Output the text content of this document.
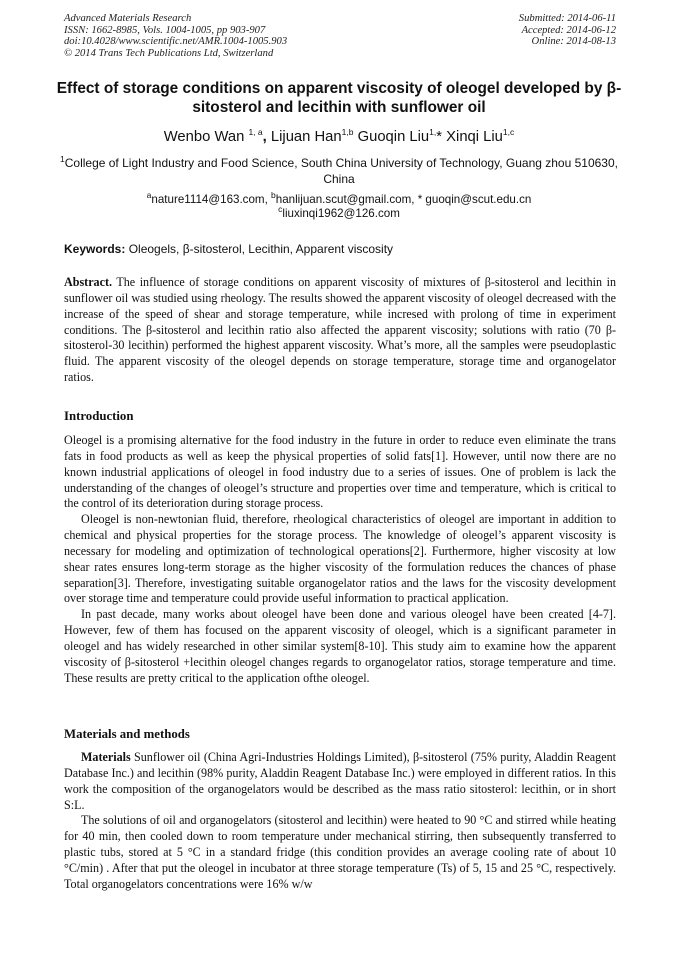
Advanced Materials Research
ISSN: 1662-8985, Vols. 1004-1005, pp 903-907
doi:10.4028/www.scientific.net/AMR.1004-1005.903
© 2014 Trans Tech Publications Ltd, Switzerland
Submitted: 2014-06-11
Accepted: 2014-06-12
Online: 2014-08-13
Effect of storage conditions on apparent viscosity of oleogel developed by β-sitosterol and lecithin with sunflower oil
Wenbo Wan $^{1, a}$, Lijuan Han$^{1,b}$ Guoqin Liu$^{1,}$* Xinqi Liu$^{1,c}$
$^1$College of Light Industry and Food Science, South China University of Technology, Guang zhou 510630, China
$^a$nature1114@163.com, $^b$hanlijuan.scut@gmail.com, * guoqin@scut.edu.cn
$^c$liuxinqi1962@126.com
Keywords: Oleogels, β-sitosterol, Lecithin, Apparent viscosity

Abstract. The influence of storage conditions on apparent viscosity of mixtures of β-sitosterol and lecithin in sunflower oil was studied using rheology. The results showed the apparent viscosity of oleogel decreased with the increase of the speed of shear and storage temperature, while incresed with prolong of time in experiment conditions. The β-sitosterol and lecithin ratio also affected the apparent viscosity; solutions with ratio (70 β-sitosterol-30 lecithin) performed the highest apparent viscosity. What’s more, all the samples were pseudoplastic fluid. The apparent viscosity of the oleogel depends on storage temperature, storage time and organogelator ratios.

Introduction

Oleogel is a promising alternative for the food industry in the future in order to reduce even eliminate the trans fats in food products as well as keep the physical properties of solid fats[1]. However, until now there are no known industrial applications of oleogel in food industry due to a series of issues. One of problem is lack the understanding of the changes of oleogel’s structure and properties over time and temperature, which is critical to the control of its deterioration during storage process.

Oleogel is non-newtonian fluid, therefore, rheological characteristics of oleogel are important in addition to chemical and physical properties for the storage process. The knowledge of oleogel’s apparent viscosity is necessary for modeling and optimization of technological operations[2]. Furthermore, higher viscosity at low shear rates ensures long-term storage as the higher viscosity of the formulation reduces the chances of phase separation[3]. Therefore, investigating suitable organogelator ratios and the laws for the viscosity development over storage time and temperature could provide useful information to practical application.

In past decade, many works about oleogel have been done and various oleogel have been created [4-7]. However, few of them has focused on the apparent viscosity of oleogel, which is a significant parameter in oleogel and has widely researched in other similar system[8-10]. This study aim to examine how the apparent viscosity of β-sitosterol +lecithin oleogel changes regards to organogelator ratios, storage temperature and time. These results are pretty critical to the application ofthe oleogel.

Materials and methods

Materials Sunflower oil (China Agri-Industries Holdings Limited), β-sitosterol (75% purity, Aladdin Reagent Database Inc.) and lecithin (98% purity, Aladdin Reagent Database Inc.) were employed in different ratios. In this work the composition of the organogelators would be described as the mass ratio sitosterol: lecithin, or in short S:L.

The solutions of oil and organogelators (sitosterol and lecithin) were heated to 90 °C and stirred while heating for 40 min, then cooled down to room temperature under mechanical stirring, then subsequently transferred to plastic tubs, stored at 5 °C in a standard fridge (this condition provides an average cooling rate of about 10 °C/min) . After that put the oleogel in incubator at three storage temperature (Ts) of 5, 15 and 25 °C, respectively. Total organogelators concentrations were 16% w/w
